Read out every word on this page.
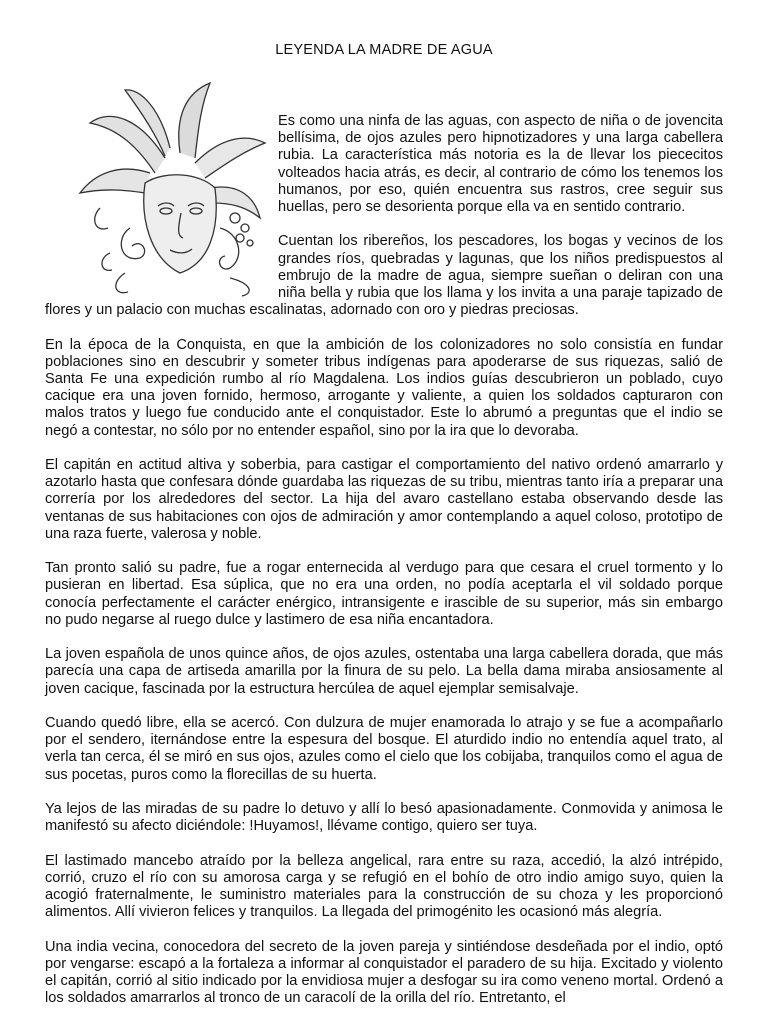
LEYENDA LA MADRE DE AGUA

Es como una ninfa de las aguas, con aspecto de niña o de jovencita bellísima, de ojos azules pero hipnotizadores y una larga cabellera rubia. La característica más notoria es la de llevar los piececitos volteados hacia atrás, es decir, al contrario de cómo los tenemos los humanos, por eso, quién encuentra sus rastros, cree seguir sus huellas, pero se desorienta porque ella va en sentido contrario.

Cuentan los ribereños, los pescadores, los bogas y vecinos de los grandes ríos, quebradas y lagunas, que los niños predispuestos al embrujo de la madre de agua, siempre sueñan o deliran con una niña bella y rubia que los llama y los invita a una paraje tapizado de flores y un palacio con muchas escalinatas, adornado con oro y piedras preciosas.

En la época de la Conquista, en que la ambición de los colonizadores no solo consistía en fundar poblaciones sino en descubrir y someter tribus indígenas para apoderarse de sus riquezas, salió de Santa Fe una expedición rumbo al río Magdalena. Los indios guías descubrieron un poblado, cuyo cacique era una joven fornido, hermoso, arrogante y valiente, a quien los soldados capturaron con malos tratos y luego fue conducido ante el conquistador. Este lo abrumó a preguntas que el indio se negó a contestar, no sólo por no entender español, sino por la ira que lo devoraba.

El capitán en actitud altiva y soberbia, para castigar el comportamiento del nativo ordenó amarrarlo y azotarlo hasta que confesara dónde guardaba las riquezas de su tribu, mientras tanto iría a preparar una correría por los alrededores del sector. La hija del avaro castellano estaba observando desde las ventanas de sus habitaciones con ojos de admiración y amor contemplando a aquel coloso, prototipo de una raza fuerte, valerosa y noble.

Tan pronto salió su padre, fue a rogar enternecida al verdugo para que cesara el cruel tormento y lo pusieran en libertad. Esa súplica, que no era una orden, no podía aceptarla el vil soldado porque conocía perfectamente el carácter enérgico, intransigente e irascible de su superior, más sin embargo no pudo negarse al ruego dulce y lastimero de esa niña encantadora.

La joven española de unos quince años, de ojos azules, ostentaba una larga cabellera dorada, que más parecía una capa de artiseda amarilla por la finura de su pelo. La bella dama miraba ansiosamente al joven cacique, fascinada por la estructura hercúlea de aquel ejemplar semisalvaje.

Cuando quedó libre, ella se acercó. Con dulzura de mujer enamorada lo atrajo y se fue a acompañarlo por el sendero, iternándose entre la espesura del bosque. El aturdido indio no entendía aquel trato, al verla tan cerca, él se miró en sus ojos, azules como el cielo que los cobijaba, tranquilos como el agua de sus pocetas, puros como la florecillas de su huerta.

Ya lejos de las miradas de su padre lo detuvo y allí lo besó apasionadamente. Conmovida y animosa le manifestó su afecto diciéndole: !Huyamos!, llévame contigo, quiero ser tuya.

El lastimado mancebo atraído por la belleza angelical, rara entre su raza, accedió, la alzó intrépido, corrió, cruzo el río con su amorosa carga y se refugió en el bohío de otro indio amigo suyo, quien la acogió fraternalmente, le suministro materiales para la construcción de su choza y les proporcionó alimentos. Allí vivieron felices y tranquilos. La llegada del primogénito les ocasionó más alegría.

Una india vecina, conocedora del secreto de la joven pareja y sintiéndose desdeñada por el indio, optó por vengarse: escapó a la fortaleza a informar al conquistador el paradero de su hija. Excitado y violento el capitán, corrió al sitio indicado por la envidiosa mujer a desfogar su ira como veneno mortal. Ordenó a los soldados amarrarlos al tronco de un caracolí de la orilla del río. Entretanto, el
